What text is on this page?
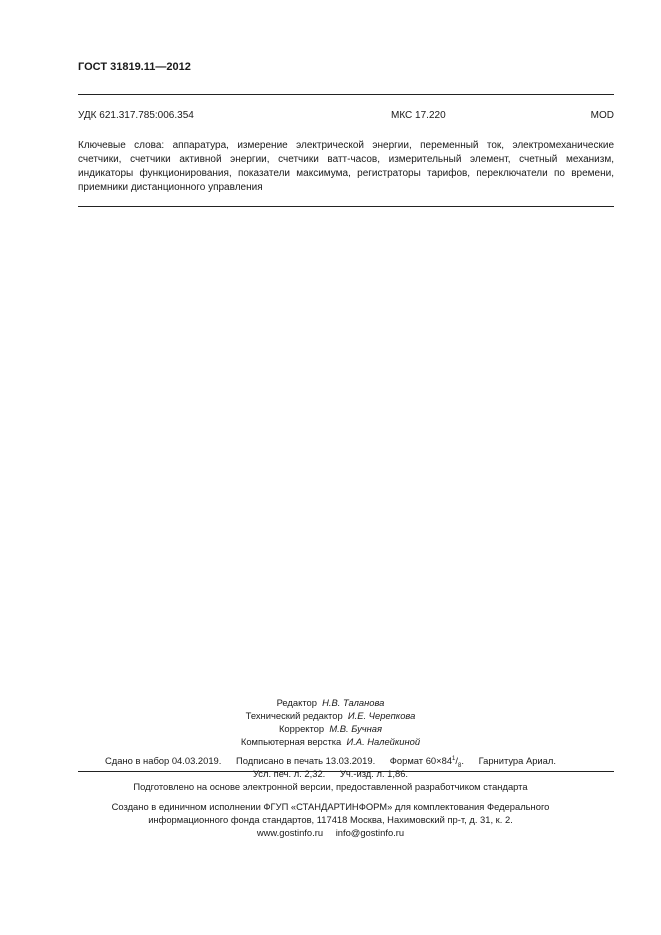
ГОСТ 31819.11—2012
УДК 621.317.785:006.354	МКС 17.220	MOD

Ключевые слова: аппаратура, измерение электрической энергии, переменный ток, электромеханические счетчики, счетчики активной энергии, счетчики ватт-часов, измерительный элемент, счетный механизм, индикаторы функционирования, показатели максимума, регистраторы тарифов, переключатели по времени, приемники дистанционного управления

Редактор Н.В. Таланова
Технический редактор И.Е. Черепкова
Корректор М.В. Бучная
Компьютерная верстка И.А. Налейкиной
Сдано в набор 04.03.2019. Подписано в печать 13.03.2019. Формат $60\times 84^1/_8$. Гарнитура Ариал.
Усл. печ. л. 2,32. Уч.-изд. л. 1,86.
Подготовлено на основе электронной версии, предоставленной разработчиком стандарта
Создано в единичном исполнении ФГУП «СТАНДАРТИНФОРМ» для комплектования Федерального
информационного фонда стандартов, 117418 Москва, Нахимовский пр-т, д. 31, к. 2.
www.gostinfo.ru info@gostinfo.ru
